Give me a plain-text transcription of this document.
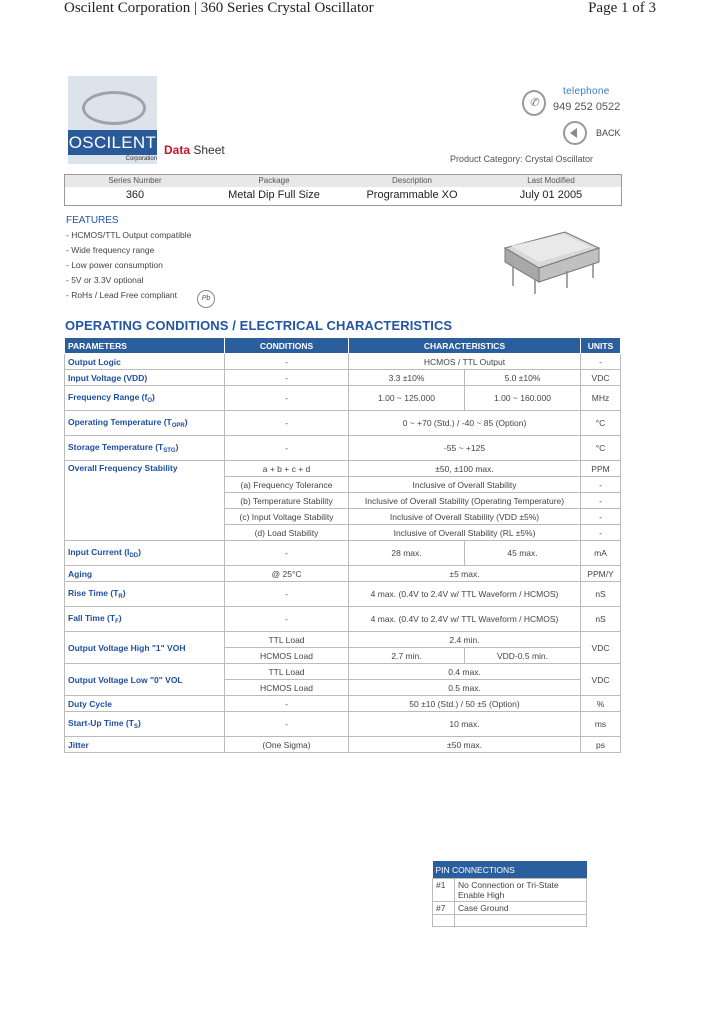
Oscilent Corporation | 360 Series Crystal Oscillator	Page 1 of 3
OSCILENT
Corporation
Data Sheet
✆
telephone
949 252 0522
BACK
Product Category: Crystal Oscillator
Series Number
360
Package
Metal Dip Full Size
Description
Programmable XO
Last Modified
July 01 2005
FEATURES
- HCMOS/TTL Output compatible
- Wide frequency range
- Low power consumption
- 5V or 3.3V optional
- RoHs / Lead Free compliant	Pb
OPERATING CONDITIONS / ELECTRICAL CHARACTERISTICS
PARAMETERS	CONDITIONS	CHARACTERISTICS		UNITS
Output Logic	-	HCMOS / TTL Output		-
Input Voltage (VDD)	-	3.3 ±10%	5.0 ±10%	VDC
Frequency Range $(f_O)$	-	1.00 ~ 125.000	1.00 ~ 160.000	MHz
Operating Temperature $(T_{OPR})$	-	0 ~ +70 (Std.) / -40 ~ 85 (Option)		°C
Storage Temperature $(T_{STG})$	-	-55 ~ +125		°C
Overall Frequency Stability	a + b + c + d	±50, ±100 max.		PPM
	(a) Frequency Tolerance	Inclusive of Overall Stability		-
	(b) Temperature Stability	Inclusive of Overall Stability (Operating Temperature)		-
	(c) Input Voltage Stability	Inclusive of Overall Stability (VDD ±5%)		-
	(d) Load Stability	Inclusive of Overall Stability (RL ±5%)		-
Input Current $(I_{DD})$	-	28 max.	45 max.	mA
Aging	@ 25°C	±5 max.		PPM/Y
Rise Time $(T_R)$	-	4 max. (0.4V to 2.4V w/ TTL Waveform / HCMOS)		nS
Fall Time $(T_F)$	-	4 max. (0.4V to 2.4V w/ TTL Waveform / HCMOS)		nS
Output Voltage High "1" VOH	TTL Load	2.4 min.		VDC
	HCMOS Load	2.7 min.	VDD-0.5 min.	
Output Voltage Low "0" VOL	TTL Load	0.4 max.		VDC
	HCMOS Load	0.5 max.		
Duty Cycle	-	50 ±10 (Std.) / 50 ±5 (Option)		%
Start-Up Time $(T_S)$	-	10 max.		ms
Jitter	(One Sigma)	±50 max.		ps
PIN CONNECTIONS	
#1	No Connection or Tri-State Enable High
#7	Case Ground
